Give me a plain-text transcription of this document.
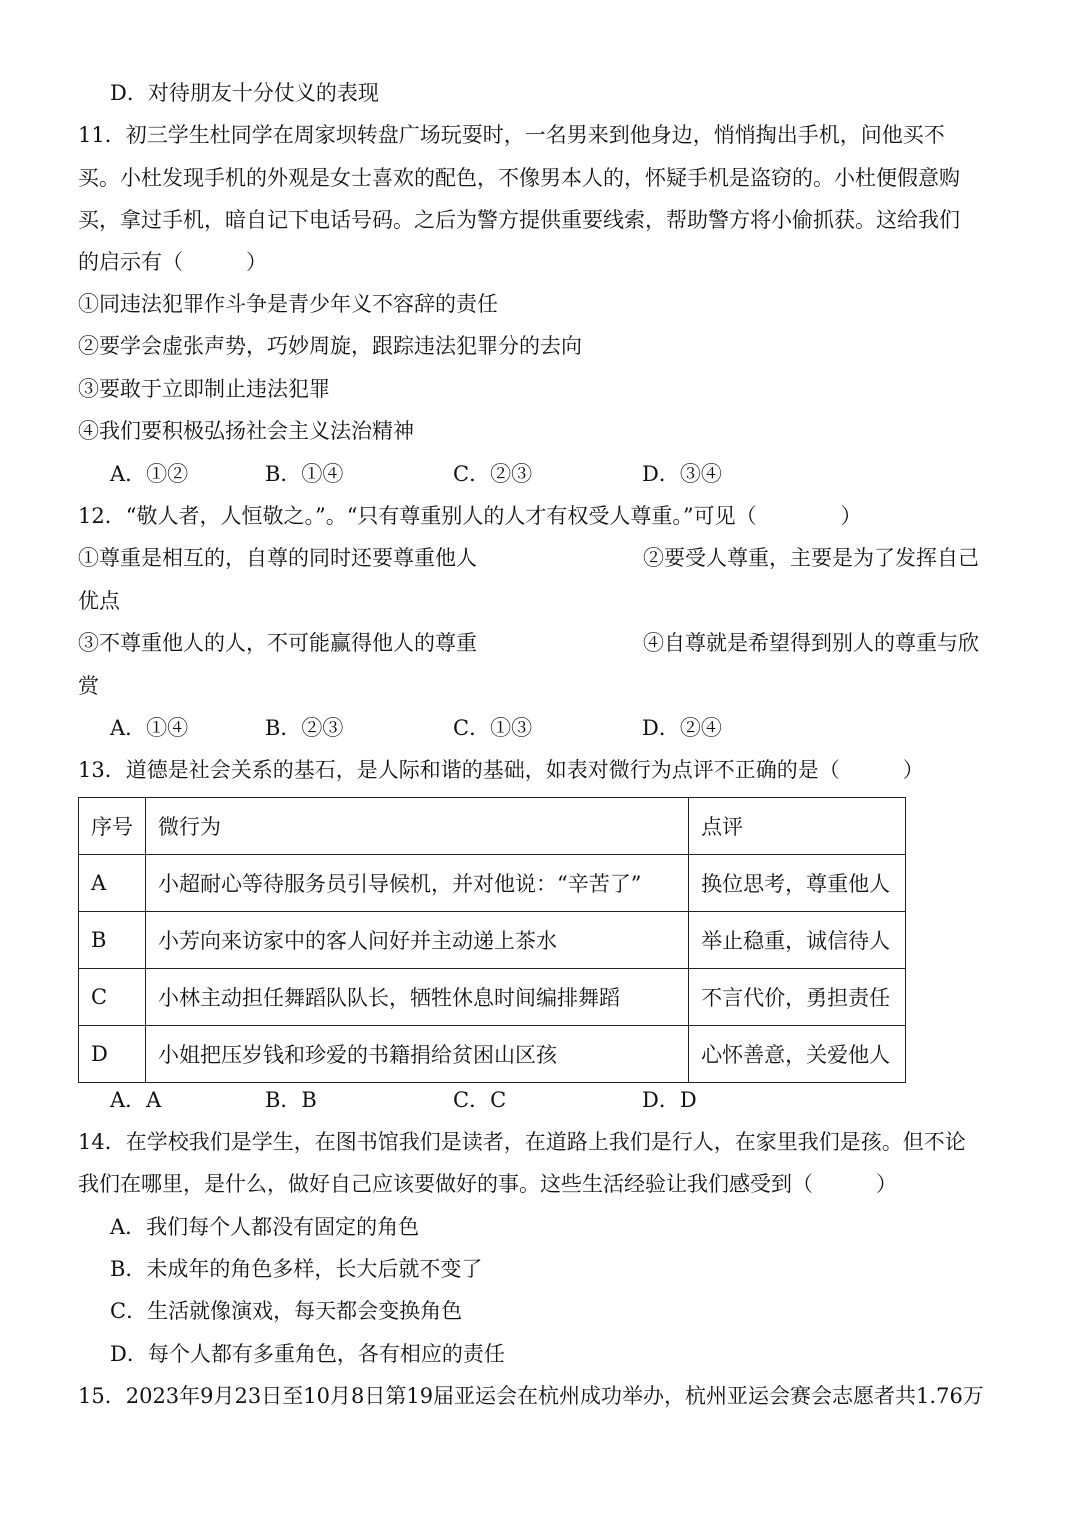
D．对待朋友十分仗义的表现
11．初三学生杜同学在周家坝转盘广场玩耍时，一名男来到他身边，悄悄掏出手机，问他买不
买。小杜发现手机的外观是女士喜欢的配色，不像男本人的，怀疑手机是盗窃的。小杜便假意购
买，拿过手机，暗自记下电话号码。之后为警方提供重要线索，帮助警方将小偷抓获。这给我们
的启示有（　　　）
①同违法犯罪作斗争是青少年义不容辞的责任
②要学会虚张声势，巧妙周旋，跟踪违法犯罪分的去向
③要敢于立即制止违法犯罪
④我们要积极弘扬社会主义法治精神
A．①②	B．①④	C．②③	D．③④
12．“敬人者，人恒敬之。”。“只有尊重别人的人才有权受人尊重。”可见（　　　　）
①尊重是相互的，自尊的同时还要尊重他人	②要受人尊重，主要是为了发挥自己
优点
③不尊重他人的人，不可能赢得他人的尊重	④自尊就是希望得到别人的尊重与欣
赏
A．①④	B．②③	C．①③	D．②④
13．道德是社会关系的基石，是人际和谐的基础，如表对微行为点评不正确的是（　　　）
序号	微行为	点评
A	小超耐心等待服务员引导候机，并对他说：“辛苦了”	换位思考，尊重他人
B	小芳向来访家中的客人问好并主动递上茶水	举止稳重，诚信待人
C	小林主动担任舞蹈队队长，牺牲休息时间编排舞蹈	不言代价，勇担责任
D	小姐把压岁钱和珍爱的书籍捐给贫困山区孩	心怀善意，关爱他人
A．A	B．B	C．C	D．D
14．在学校我们是学生，在图书馆我们是读者，在道路上我们是行人，在家里我们是孩。但不论
我们在哪里，是什么，做好自己应该要做好的事。这些生活经验让我们感受到（　　　）
A．我们每个人都没有固定的角色
B．未成年的角色多样，长大后就不变了
C．生活就像演戏，每天都会变换角色
D．每个人都有多重角色，各有相应的责任
15．2023年9月23日至10月8日第19届亚运会在杭州成功举办，杭州亚运会赛会志愿者共1.76万
